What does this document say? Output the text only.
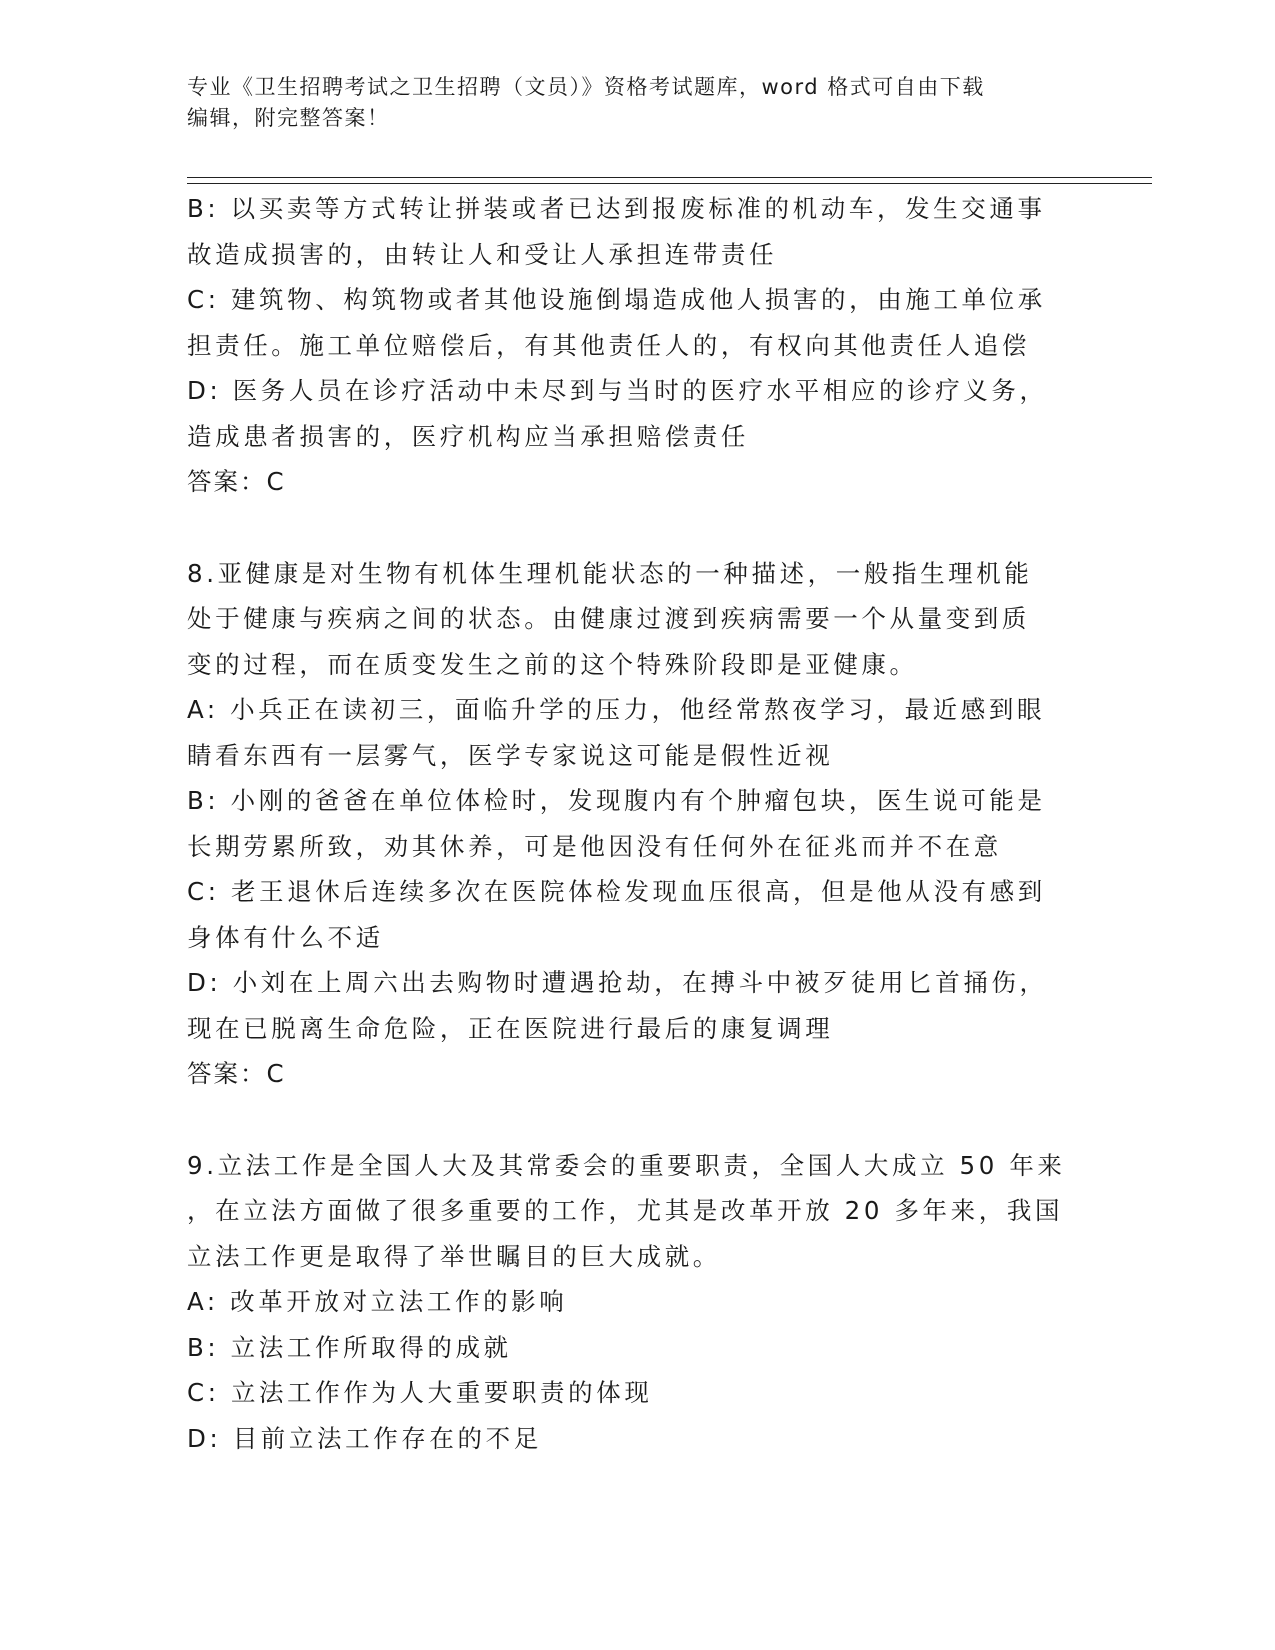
专业《卫生招聘考试之卫生招聘（文员）》资格考试题库，word 格式可自由下载
编辑，附完整答案！
B: 以买卖等方式转让拼装或者已达到报废标准的机动车，发生交通事
故造成损害的，由转让人和受让人承担连带责任
C: 建筑物、构筑物或者其他设施倒塌造成他人损害的，由施工单位承
担责任。施工单位赔偿后，有其他责任人的，有权向其他责任人追偿
D: 医务人员在诊疗活动中未尽到与当时的医疗水平相应的诊疗义务，
造成患者损害的，医疗机构应当承担赔偿责任
答案：C
8.亚健康是对生物有机体生理机能状态的一种描述，一般指生理机能
处于健康与疾病之间的状态。由健康过渡到疾病需要一个从量变到质
变的过程，而在质变发生之前的这个特殊阶段即是亚健康。
A: 小兵正在读初三，面临升学的压力，他经常熬夜学习，最近感到眼
睛看东西有一层雾气，医学专家说这可能是假性近视
B: 小刚的爸爸在单位体检时，发现腹内有个肿瘤包块，医生说可能是
长期劳累所致，劝其休养，可是他因没有任何外在征兆而并不在意
C: 老王退休后连续多次在医院体检发现血压很高，但是他从没有感到
身体有什么不适
D: 小刘在上周六出去购物时遭遇抢劫，在搏斗中被歹徒用匕首捅伤，
现在已脱离生命危险，正在医院进行最后的康复调理
答案：C
9.立法工作是全国人大及其常委会的重要职责，全国人大成立 50 年来
，在立法方面做了很多重要的工作，尤其是改革开放 20 多年来，我国
立法工作更是取得了举世瞩目的巨大成就。
A: 改革开放对立法工作的影响
B: 立法工作所取得的成就
C: 立法工作作为人大重要职责的体现
D: 目前立法工作存在的不足
